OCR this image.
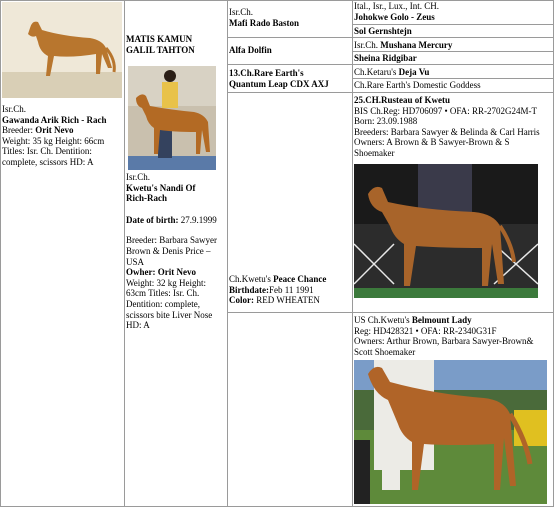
Isr.Ch.

Gawanda Arik Rich - Rach

Breeder: Orit Nevo

Weight: 35 kg Height: 66cm

Titles: Isr. Ch. Dentition: complete, scissors HD: A

MATIS KAMUN

GALIL TAHTON

Isr.Ch.

Kwetu's Nandi Of

Rich-Rach

Date of birth: 27.9.1999

Breeder: Barbara Sawyer Brown & Denis Price – USA

Owher: Orit Nevo

Weight: 32 kg Height: 63cm Titles: Isr. Ch. Dentition: complete, scissors bite Liver Nose HD: A

Isr.Ch.

Mafi Rado Baston

Alfa Dolfin

13.Ch.Rare Earth's

Quantum Leap CDX AXJ

Ch.Kwetu's Peace Chance

Birthdate:Feb 11 1991

Color: RED WHEATEN

Ital., Isr., Lux., Int. CH.

Johokwe Golo - Zeus

Sol Gernshtejn

Isr.Ch. Mushana Mercury

Sheina Ridgibar

Ch.Ketaru's Deja Vu

Ch.Rare Earth's Domestic Goddess

25.CH.Rusteau of Kwetu

BIS Ch.Reg: HD706097 • OFA: RR-2702G24M-T Born: 23.09.1988

Breeders: Barbara Sawyer & Belinda & Carl Harris Owners: A Brown & B Sawyer-Brown & S Shoemaker

US Ch.Kwetu's Belmount Lady

Reg: HD428321 • OFA: RR-2340G31F

Owners: Arthur Brown, Barbara Sawyer-Brown& Scott Shoemaker
